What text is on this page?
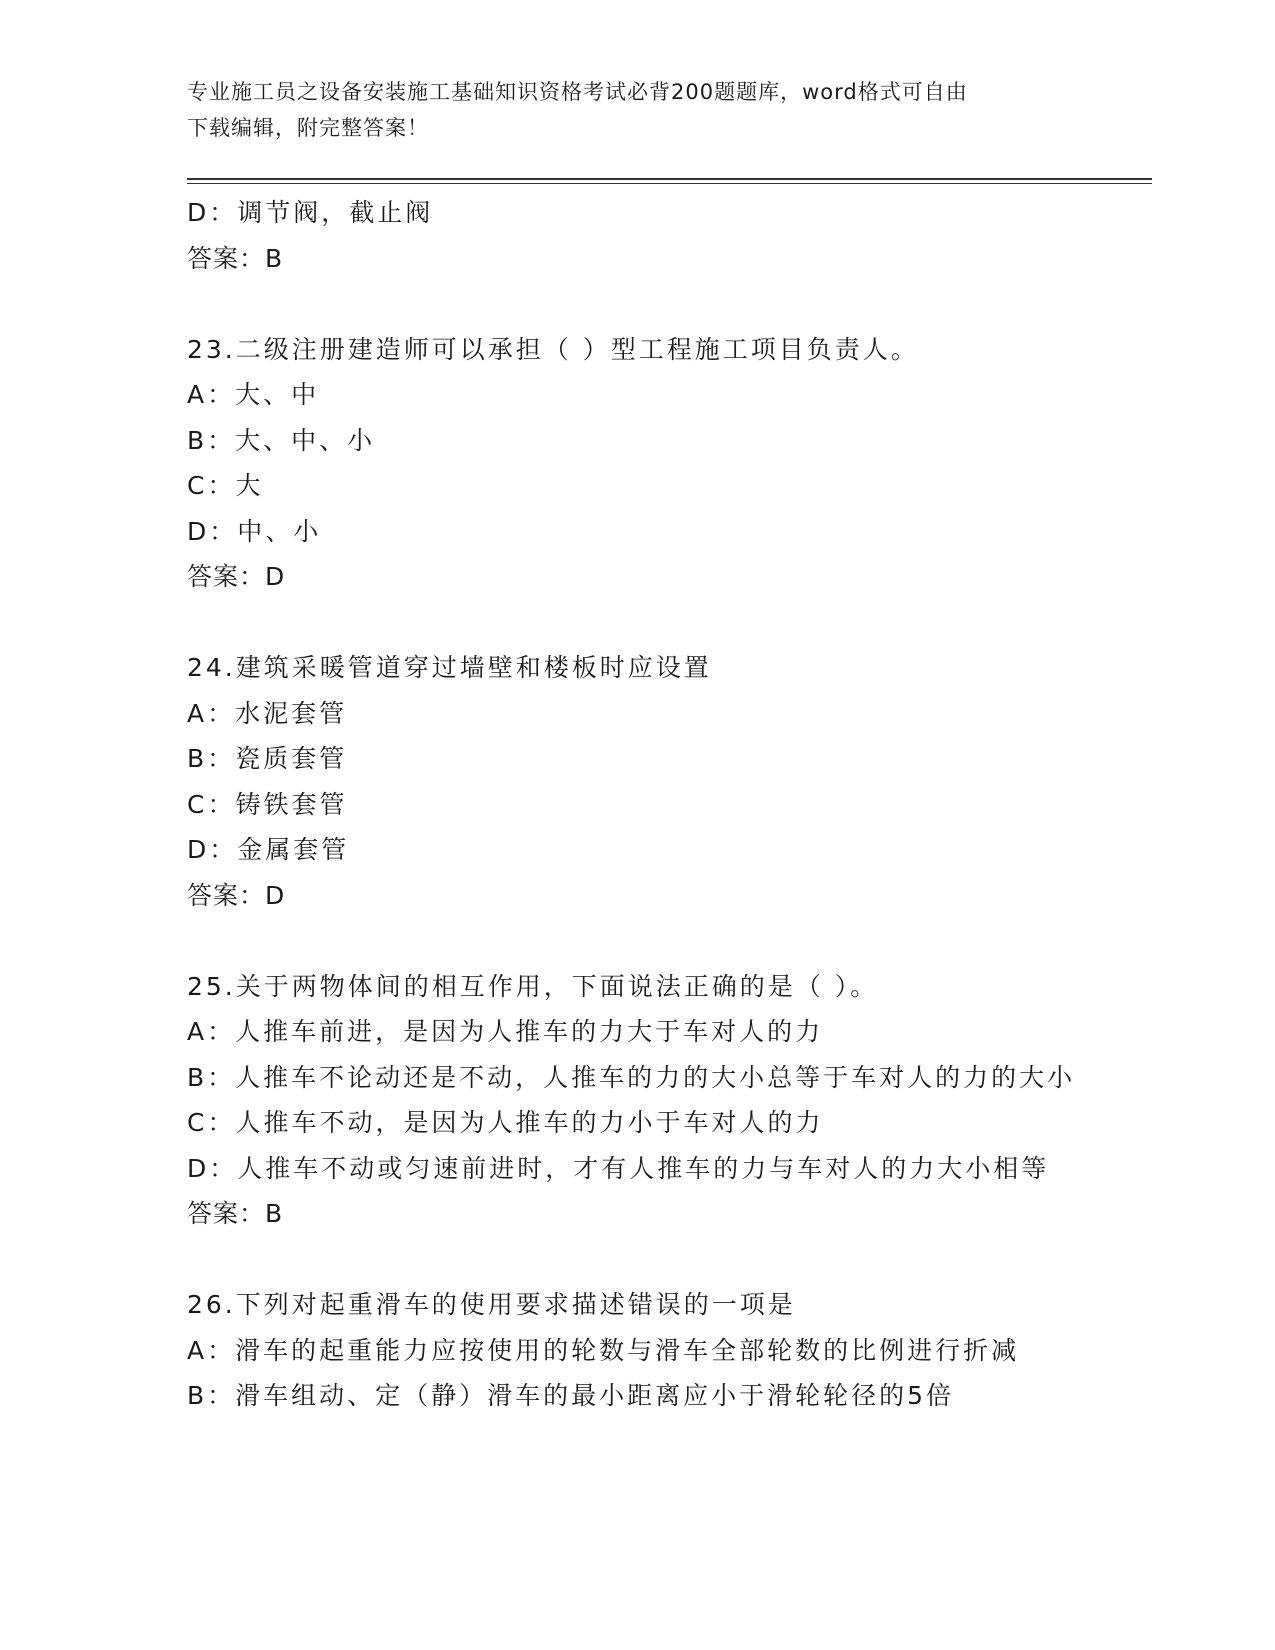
专业施工员之设备安装施工基础知识资格考试必背200题题库，word格式可自由
下载编辑，附完整答案！
D：调节阀，截止阀
答案：B
23.二级注册建造师可以承担（ ）型工程施工项目负责人。
A：大、中
B：大、中、小
C：大
D：中、小
答案：D
24.建筑采暖管道穿过墙壁和楼板时应设置
A：水泥套管
B：瓷质套管
C：铸铁套管
D：金属套管
答案：D
25.关于两物体间的相互作用，下面说法正确的是（ ）。
A：人推车前进，是因为人推车的力大于车对人的力
B：人推车不论动还是不动，人推车的力的大小总等于车对人的力的大小
C：人推车不动，是因为人推车的力小于车对人的力
D：人推车不动或匀速前进时，才有人推车的力与车对人的力大小相等
答案：B
26.下列对起重滑车的使用要求描述错误的一项是
A：滑车的起重能力应按使用的轮数与滑车全部轮数的比例进行折减
B：滑车组动、定（静）滑车的最小距离应小于滑轮轮径的5倍
